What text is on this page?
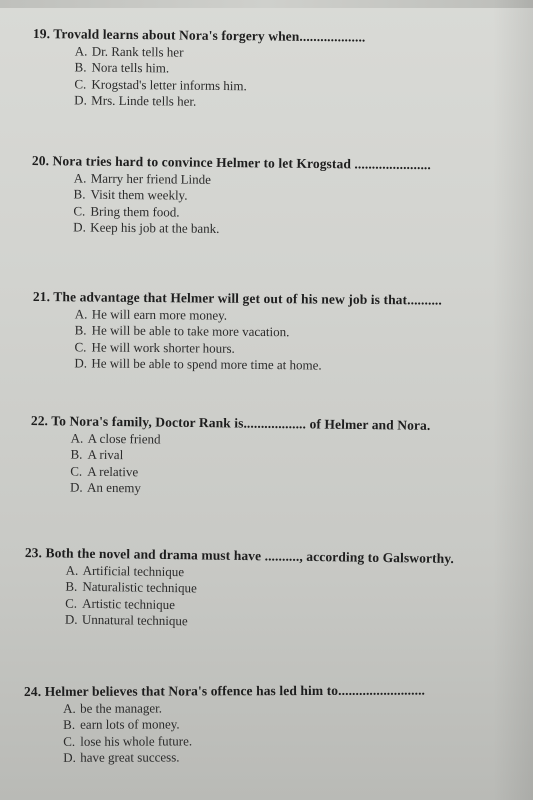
19. Trovald learns about Nora's forgery when...................
A. Dr. Rank tells her
B. Nora tells him.
C. Krogstad's letter informs him.
D. Mrs. Linde tells her.
20. Nora tries hard to convince Helmer to let Krogstad ......................
A. Marry her friend Linde
B. Visit them weekly.
C. Bring them food.
D. Keep his job at the bank.
21. The advantage that Helmer will get out of his new job is that..........
A. He will earn more money.
B. He will be able to take more vacation.
C. He will work shorter hours.
D. He will be able to spend more time at home.
22. To Nora's family, Doctor Rank is.................. of Helmer and Nora.
A. A close friend
B. A rival
C. A relative
D. An enemy
23. Both the novel and drama must have .........., according to Galsworthy.
A. Artificial technique
B. Naturalistic technique
C. Artistic technique
D. Unnatural technique
24. Helmer believes that Nora's offence has led him to.........................
A. be the manager.
B. earn lots of money.
C. lose his whole future.
D. have great success.
